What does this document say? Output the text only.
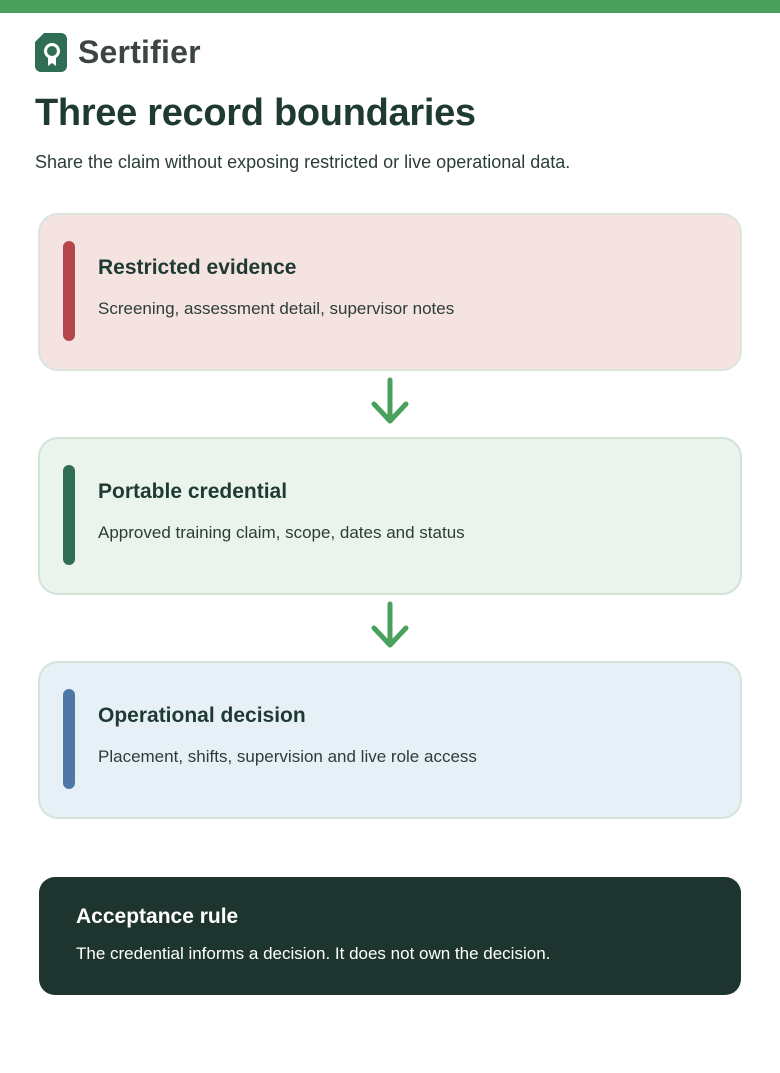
Sertifier
Three record boundaries

Share the claim without exposing restricted or live operational data.

Restricted evidence
Screening, assessment detail, supervisor notes
Portable credential
Approved training claim, scope, dates and status
Operational decision
Placement, shifts, supervision and live role access
Acceptance rule
The credential informs a decision. It does not own the decision.
